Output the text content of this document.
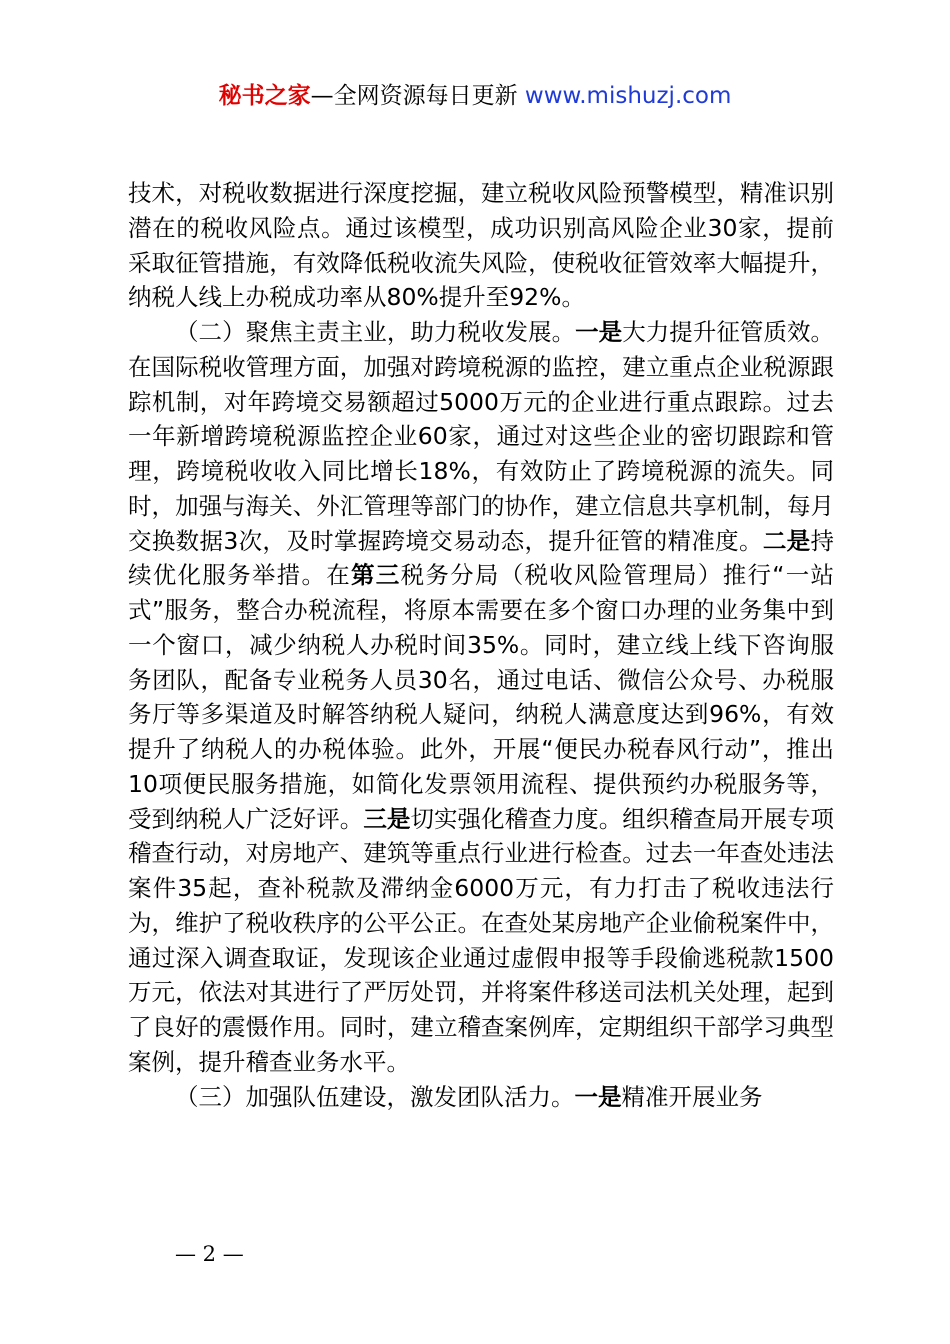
秘书之家—全网资源每日更新 www.mishuzj.com

技术，对税收数据进行深度挖掘，建立税收风险预警模型，精准识别潜在的税收风险点。通过该模型，成功识别高风险企业30家，提前采取征管措施，有效降低税收流失风险，使税收征管效率大幅提升，纳税人线上办税成功率从80%提升至92%。

（二）聚焦主责主业，助力税收发展。一是大力提升征管质效。在国际税收管理方面，加强对跨境税源的监控，建立重点企业税源跟踪机制，对年跨境交易额超过5000万元的企业进行重点跟踪。过去一年新增跨境税源监控企业60家，通过对这些企业的密切跟踪和管理，跨境税收收入同比增长18%，有效防止了跨境税源的流失。同时，加强与海关、外汇管理等部门的协作，建立信息共享机制，每月交换数据3次，及时掌握跨境交易动态，提升征管的精准度。二是持续优化服务举措。在第三税务分局（税收风险管理局）推行“一站式”服务，整合办税流程，将原本需要在多个窗口办理的业务集中到一个窗口，减少纳税人办税时间35%。同时，建立线上线下咨询服务团队，配备专业税务人员30名，通过电话、微信公众号、办税服务厅等多渠道及时解答纳税人疑问，纳税人满意度达到96%，有效提升了纳税人的办税体验。此外，开展“便民办税春风行动”，推出10项便民服务措施，如简化发票领用流程、提供预约办税服务等，受到纳税人广泛好评。三是切实强化稽查力度。组织稽查局开展专项稽查行动，对房地产、建筑等重点行业进行检查。过去一年查处违法案件35起，查补税款及滞纳金6000万元，有力打击了税收违法行为，维护了税收秩序的公平公正。在查处某房地产企业偷税案件中，通过深入调查取证，发现该企业通过虚假申报等手段偷逃税款1500万元，依法对其进行了严厉处罚，并将案件移送司法机关处理，起到了良好的震慑作用。同时，建立稽查案例库，定期组织干部学习典型案例，提升稽查业务水平。

（三）加强队伍建设，激发团队活力。一是精准开展业务

— 2 —
